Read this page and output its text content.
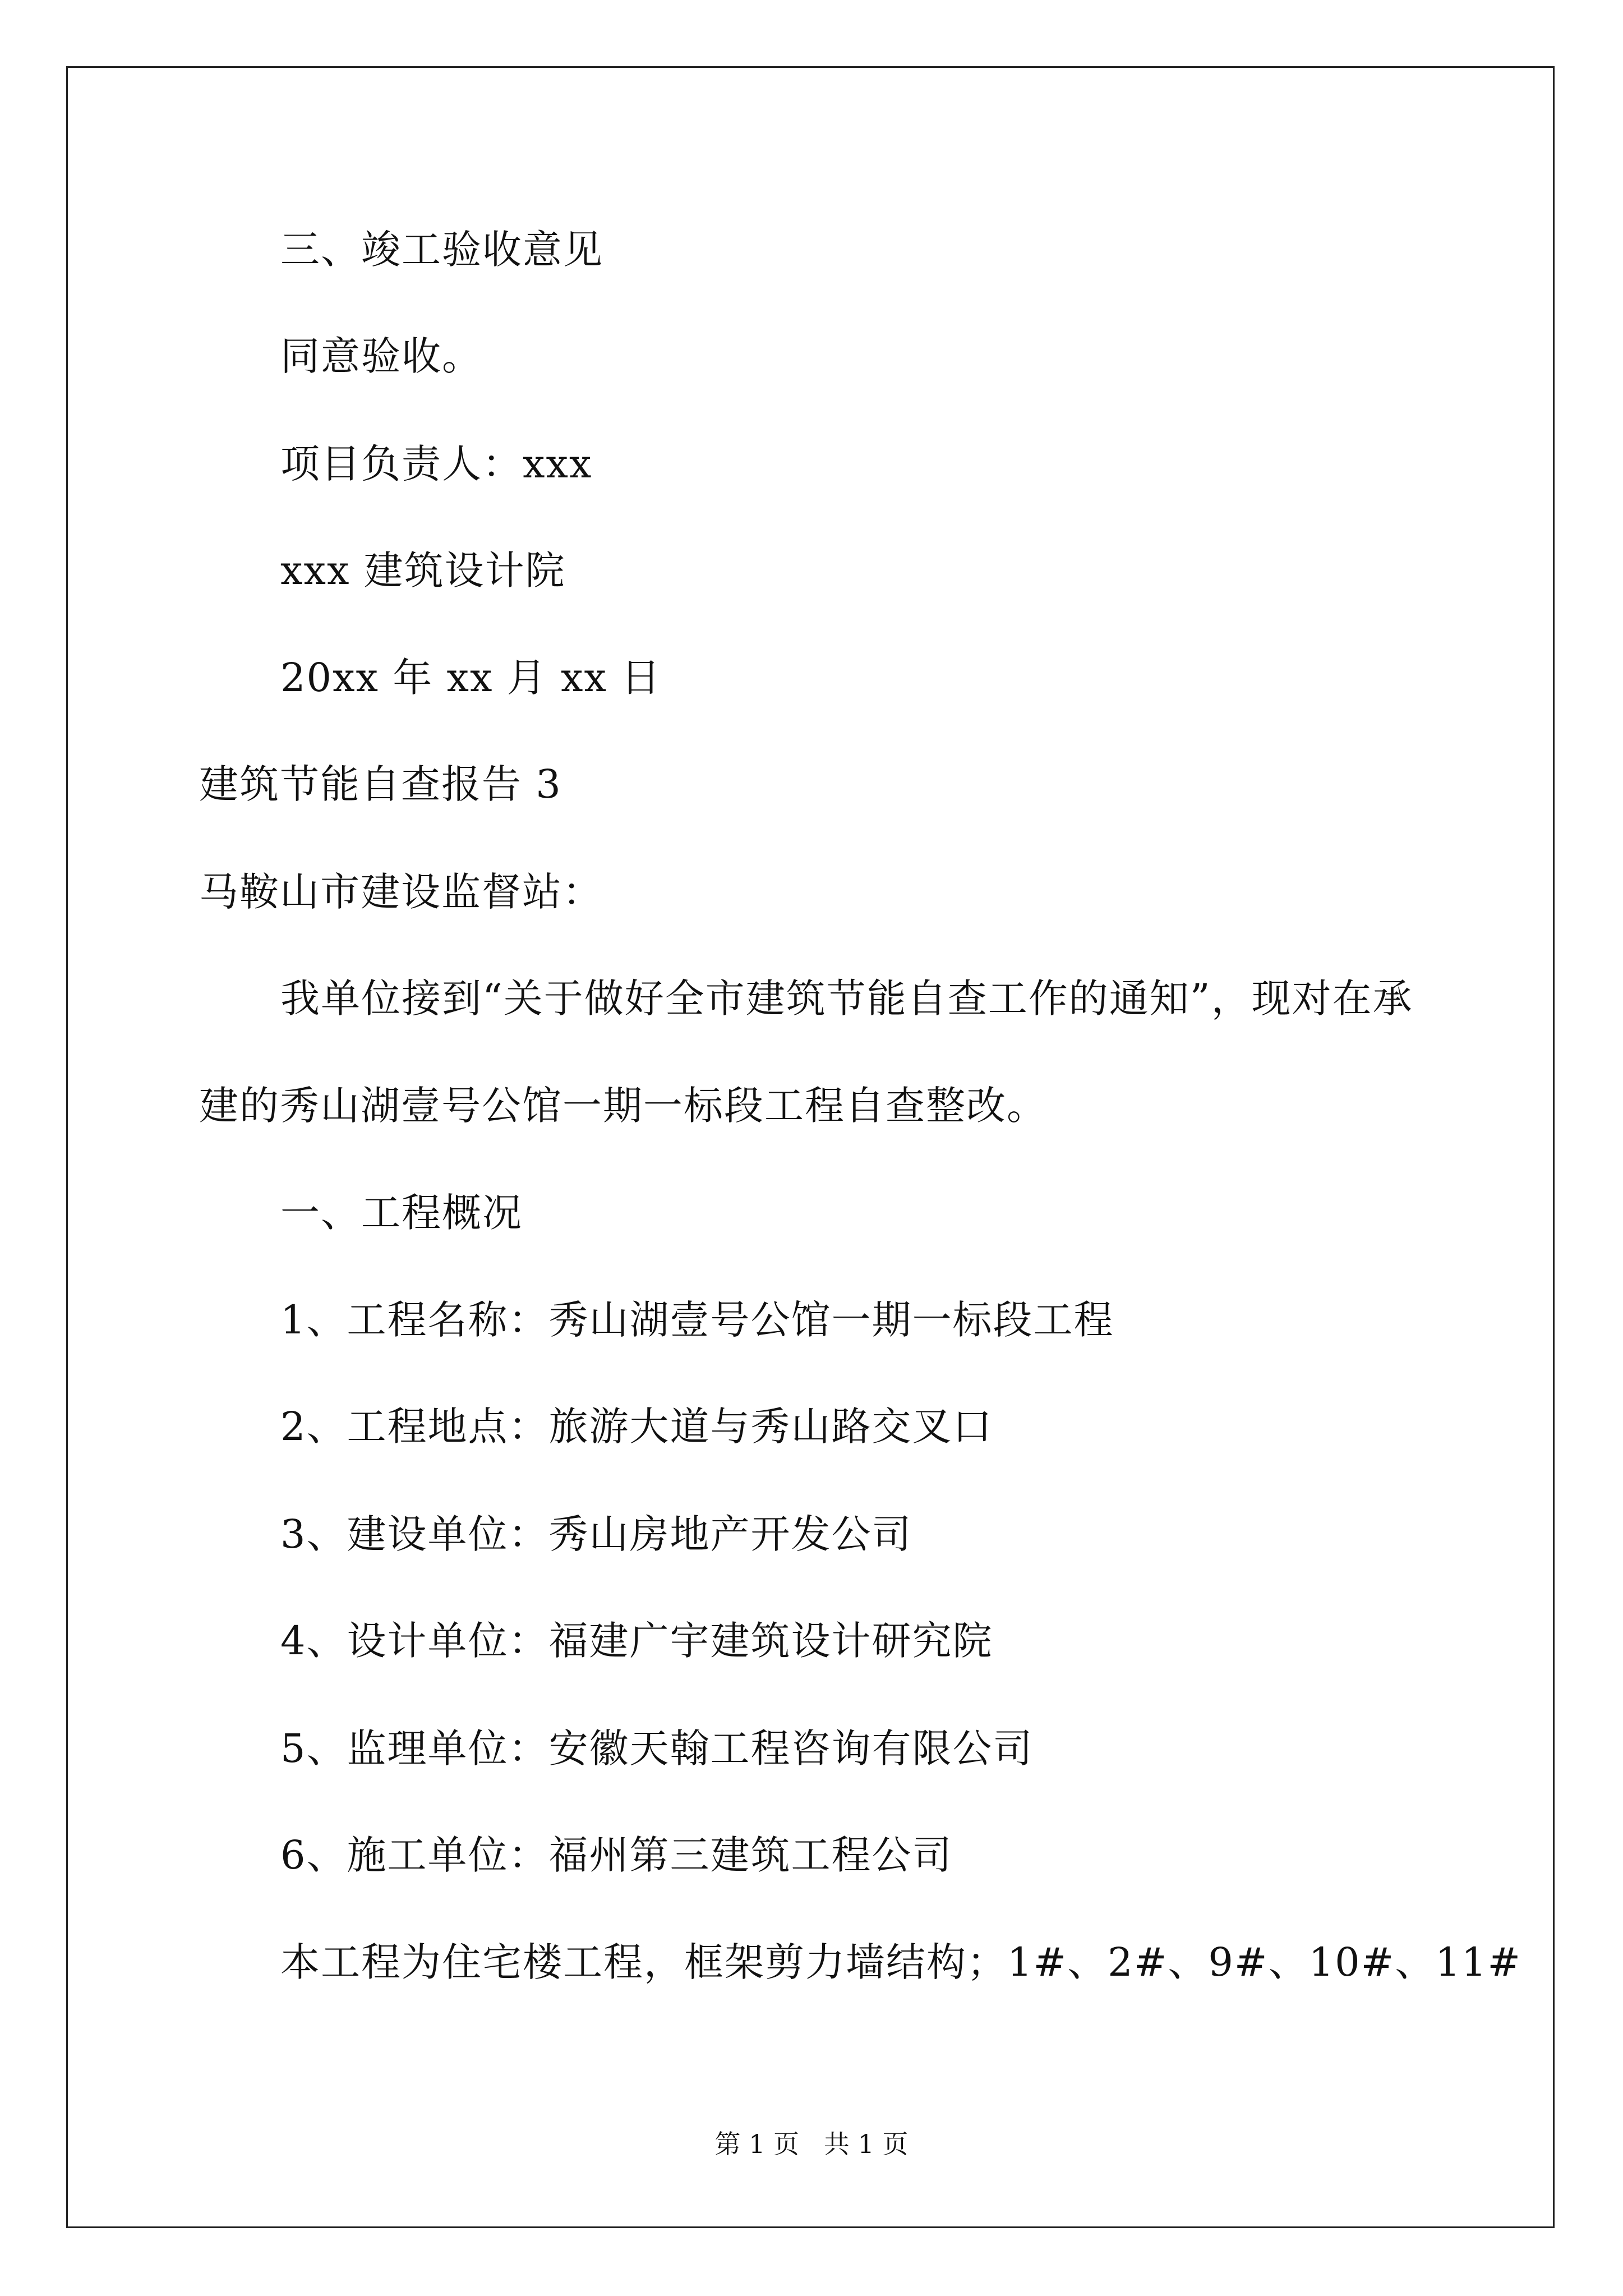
三、竣工验收意见
同意验收。
项目负责人：xxx
xxx 建筑设计院
20xx 年 xx 月 xx 日
建筑节能自查报告 3
马鞍山市建设监督站：
我单位接到“关于做好全市建筑节能自查工作的通知”，现对在承
建的秀山湖壹号公馆一期一标段工程自查整改。
一、工程概况
1、工程名称：秀山湖壹号公馆一期一标段工程
2、工程地点：旅游大道与秀山路交叉口
3、建设单位：秀山房地产开发公司
4、设计单位：福建广宇建筑设计研究院
5、监理单位：安徽天翰工程咨询有限公司
6、施工单位：福州第三建筑工程公司
本工程为住宅楼工程，框架剪力墙结构；1#、2#、9#、10#、11#
第 1 页   共 1 页
